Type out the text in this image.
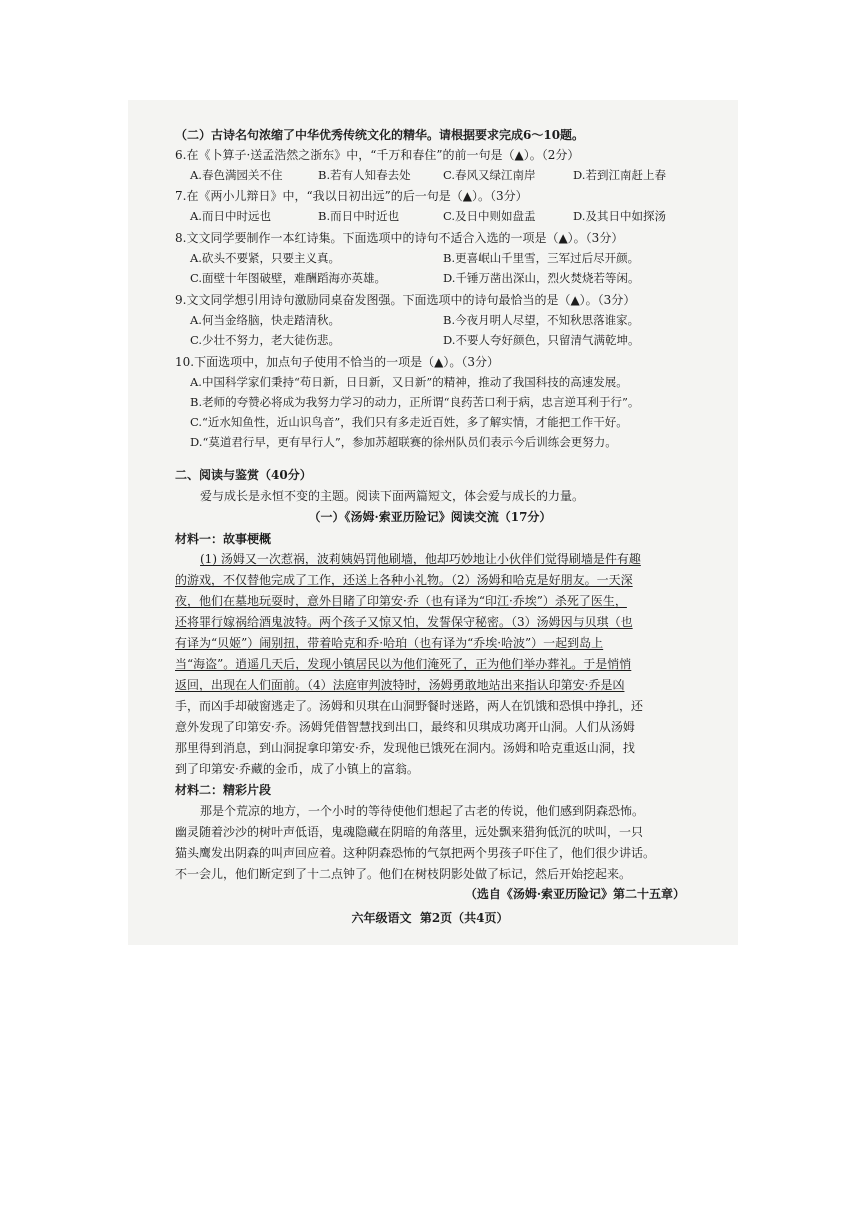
（二）古诗名句浓缩了中华优秀传统文化的精华。请根据要求完成6～10题。
6.在《卜算子·送孟浩然之浙东》中，“千万和春住”的前一句是（▲）。（2分）
A.春色满园关不住	B.若有人知春去处	C.春风又绿江南岸	D.若到江南赶上春
7.在《两小儿辩日》中，“我以日初出远”的后一句是（▲）。（3分）
A.而日中时远也	B.而日中时近也	C.及日中则如盘盂	D.及其日中如探汤
8.文文同学要制作一本红诗集。下面选项中的诗句不适合入选的一项是（▲）。（3分）
A.砍头不要紧，只要主义真。	B.更喜岷山千里雪，三军过后尽开颜。
C.面壁十年图破壁，难酬蹈海亦英雄。	D.千锤万凿出深山，烈火焚烧若等闲。
9.文文同学想引用诗句激励同桌奋发图强。下面选项中的诗句最恰当的是（▲）。（3分）
A.何当金络脑，快走踏清秋。	B.今夜月明人尽望，不知秋思落谁家。
C.少壮不努力，老大徒伤悲。	D.不要人夸好颜色，只留清气满乾坤。
10.下面选项中，加点句子使用不恰当的一项是（▲）。（3分）
A.中国科学家们秉持“苟日新，日日新，又日新”的精神，推动了我国科技的高速发展。
B.老师的夸赞必将成为我努力学习的动力，正所谓“良药苦口利于病，忠言逆耳利于行”。
C.“近水知鱼性，近山识鸟音”，我们只有多走近百姓，多了解实情，才能把工作干好。
D.“莫道君行早，更有早行人”，参加苏超联赛的徐州队员们表示今后训练会更努力。
二、阅读与鉴赏（40分）
爱与成长是永恒不变的主题。阅读下面两篇短文，体会爱与成长的力量。
（一）《汤姆·索亚历险记》阅读交流（17分）
材料一：故事梗概
(1) 汤姆又一次惹祸，波莉姨妈罚他刷墙，他却巧妙地让小伙伴们觉得刷墙是件有趣
的游戏，不仅替他完成了工作，还送上各种小礼物。（2）汤姆和哈克是好朋友。一天深
夜，他们在墓地玩耍时，意外目睹了印第安·乔（也有译为“印江·乔埃”）杀死了医生，
还将罪行嫁祸给酒鬼波特。两个孩子又惊又怕，发誓保守秘密。（3）汤姆因与贝琪（也
有译为“贝姬”）闹别扭，带着哈克和乔·哈珀（也有译为“乔埃·哈波”）一起到岛上
当“海盗”。逍遥几天后，发现小镇居民以为他们淹死了，正为他们举办葬礼。于是悄悄
返回，出现在人们面前。（4）法庭审判波特时，汤姆勇敢地站出来指认印第安·乔是凶
手，而凶手却破窗逃走了。汤姆和贝琪在山洞野餐时迷路，两人在饥饿和恐惧中挣扎，还
意外发现了印第安·乔。汤姆凭借智慧找到出口，最终和贝琪成功离开山洞。人们从汤姆
那里得到消息，到山洞捉拿印第安·乔，发现他已饿死在洞内。汤姆和哈克重返山洞，找
到了印第安·乔藏的金币，成了小镇上的富翁。
材料二：精彩片段
那是个荒凉的地方，一个小时的等待使他们想起了古老的传说，他们感到阴森恐怖。
幽灵随着沙沙的树叶声低语，鬼魂隐藏在阴暗的角落里，远处飘来猎狗低沉的吠叫，一只
猫头鹰发出阴森的叫声回应着。这种阴森恐怖的气氛把两个男孩子吓住了，他们很少讲话。
不一会儿，他们断定到了十二点钟了。他们在树枝阴影处做了标记，然后开始挖起来。
（选自《汤姆·索亚历险记》第二十五章）
六年级语文  第2页（共4页）
